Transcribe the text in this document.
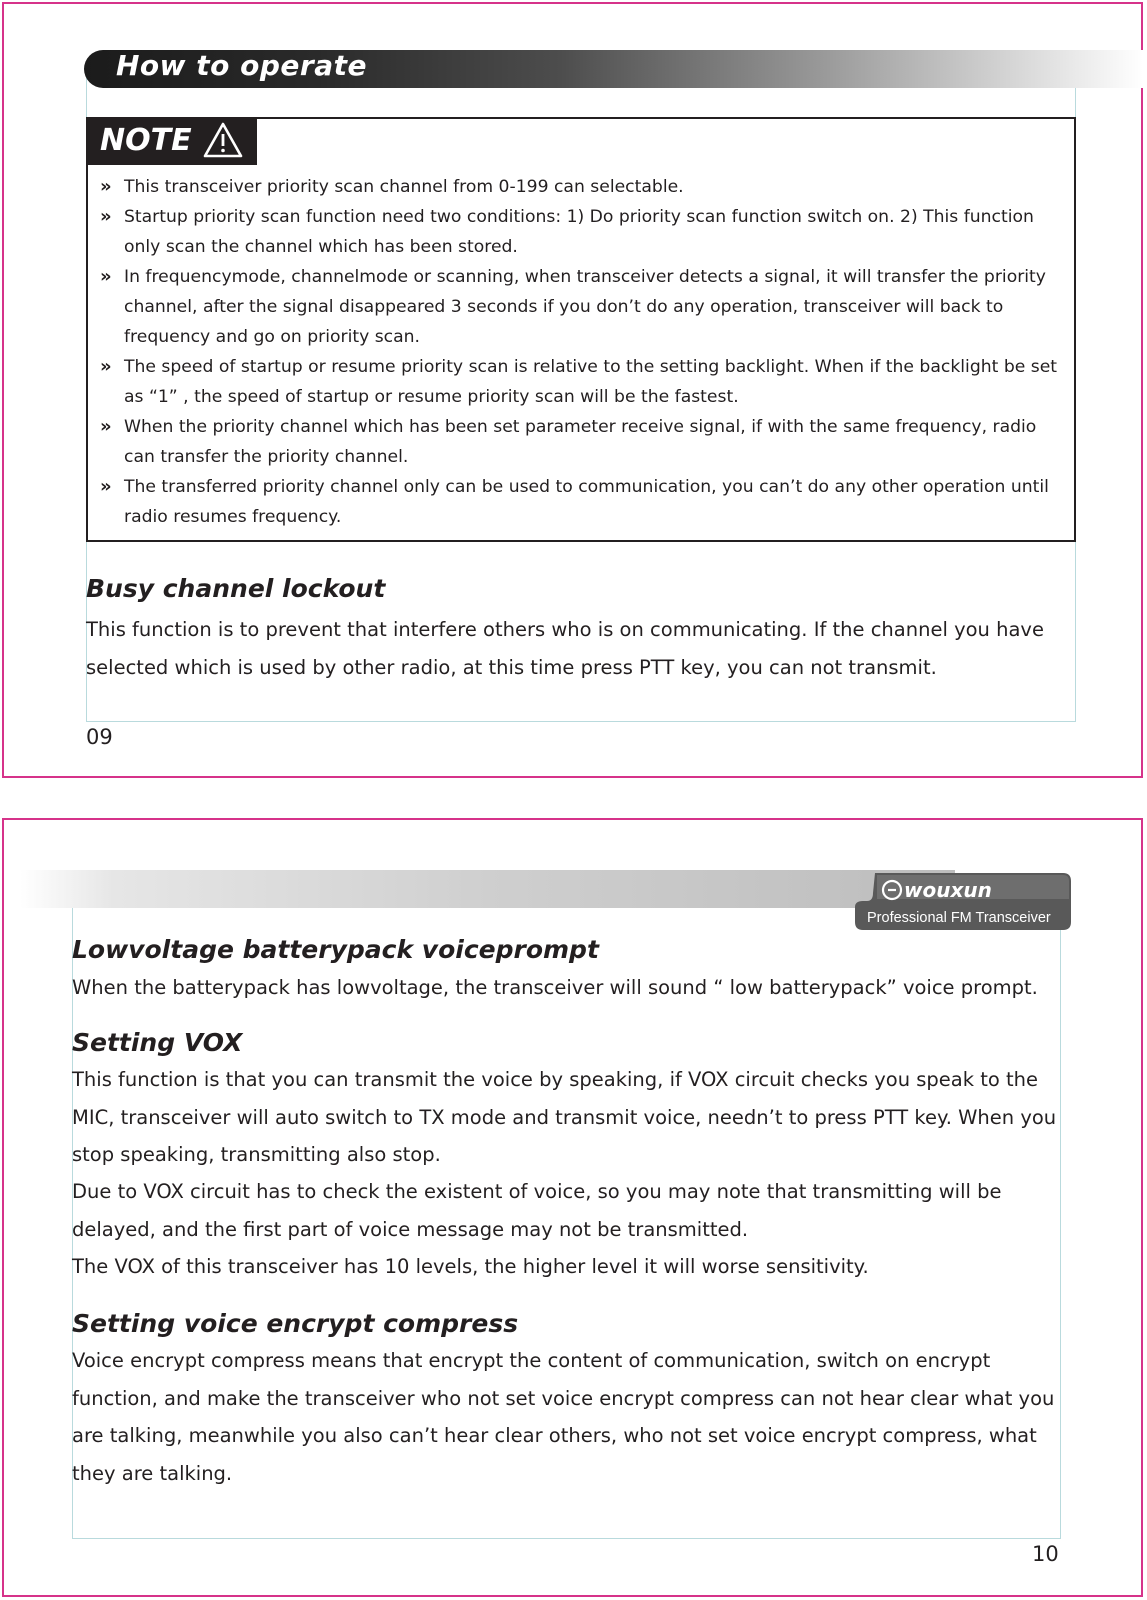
How to operate
NOTE
» This transceiver priority scan channel from 0-199 can selectable.
» Startup priority scan function need two conditions: 1) Do priority scan function switch on. 2) This function only scan the channel which has been stored.
» In frequencymode, channelmode or scanning, when transceiver detects a signal, it will transfer the priority channel, after the signal disappeared 3 seconds if you don’t do any operation, transceiver will back to frequency and go on priority scan.
» The speed of startup or resume priority scan is relative to the setting backlight. When if the backlight be set as “1” , the speed of startup or resume priority scan will be the fastest.
» When the priority channel which has been set parameter receive signal, if with the same frequency, radio can transfer the priority channel.
» The transferred priority channel only can be used to communication, you can’t do any other operation until radio resumes frequency.
Busy channel lockout

This function is to prevent that interfere others who is on communicating. If the channel you have selected which is used by other radio, at this time press PTT key, you can not transmit.

09
wouxun
Professional FM Transceiver
Lowvoltage batterypack voiceprompt

When the batterypack has lowvoltage, the transceiver will sound “ low batterypack” voice prompt.

Setting VOX

This function is that you can transmit the voice by speaking, if VOX circuit checks you speak to the MIC, transceiver will auto switch to TX mode and transmit voice, needn’t to press PTT key. When you stop speaking, transmitting also stop.

Due to VOX circuit has to check the existent of voice, so you may note that transmitting will be delayed, and the first part of voice message may not be transmitted.

The VOX of this transceiver has 10 levels, the higher level it will worse sensitivity.

Setting voice encrypt compress

Voice encrypt compress means that encrypt the content of communication, switch on encrypt function, and make the transceiver who not set voice encrypt compress can not hear clear what you are talking, meanwhile you also can’t hear clear others, who not set voice encrypt compress, what they are talking.

10
